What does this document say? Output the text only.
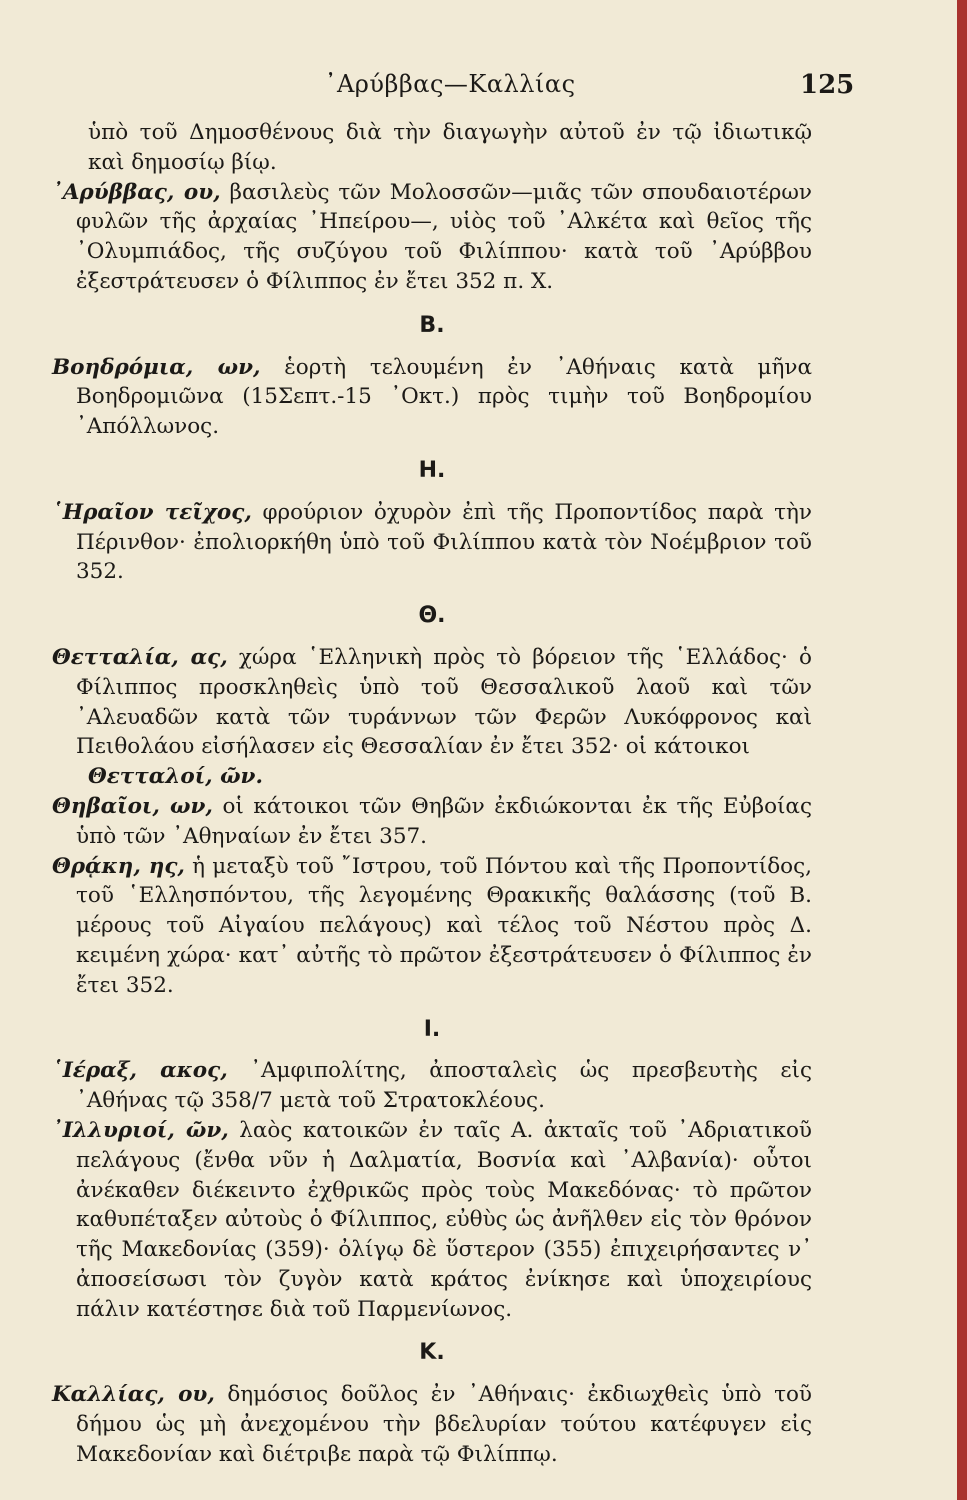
᾿Αρύββας—Καλλίας	125

ὑπὸ τοῦ Δημοσθένους διὰ τὴν διαγωγὴν αὐτοῦ ἐν τῷ ἰδιωτικῷ καὶ δημοσίῳ βίῳ.

᾿Αρύββας, ου, βασιλεὺς τῶν Μολοσσῶν—μιᾶς τῶν σπουδαιοτέρων φυλῶν τῆς ἀρχαίας ᾿Ηπείρου—, υἱὸς τοῦ ᾿Αλκέτα καὶ θεῖος τῆς ᾿Ολυμπιάδος, τῆς συζύγου τοῦ Φιλίππου· κατὰ τοῦ ᾿Αρύββου ἐξεστράτευσεν ὁ Φίλιππος ἐν ἔτει 352 π. Χ.

Β.

Βοηδρόμια, ων, ἑορτὴ τελουμένη ἐν ᾿Αθήναις κατὰ μῆνα Βοηδρομιῶνα (15Σεπτ.-15 ᾿Οκτ.) πρὸς τιμὴν τοῦ Βοηδρομίου ᾿Απόλλωνος.

Η.

῾Ηραῖον τεῖχος, φρούριον ὀχυρὸν ἐπὶ τῆς Προποντίδος παρὰ τὴν Πέρινθον· ἐπολιορκήθη ὑπὸ τοῦ Φιλίππου κατὰ τὸν Νοέμβριον τοῦ 352.

Θ.

Θετταλία, ας, χώρα ῾Ελληνικὴ πρὸς τὸ βόρειον τῆς ῾Ελλάδος· ὁ Φίλιππος προσκληθεὶς ὑπὸ τοῦ Θεσσαλικοῦ λαοῦ καὶ τῶν ᾿Αλευαδῶν κατὰ τῶν τυράννων τῶν Φερῶν Λυκόφρονος καὶ Πειθολάου εἰσήλασεν εἰς Θεσσαλίαν ἐν ἔτει 352· οἱ κάτοικοι

Θετταλοί, ῶν.

Θηβαῖοι, ων, οἱ κάτοικοι τῶν Θηβῶν ἐκδιώκονται ἐκ τῆς Εὐβοίας ὑπὸ τῶν ᾿Αθηναίων ἐν ἔτει 357.

Θρᾴκη, ης, ἡ μεταξὺ τοῦ ῎Ιστρου, τοῦ Πόντου καὶ τῆς Προποντίδος, τοῦ ῾Ελλησπόντου, τῆς λεγομένης Θρακικῆς θαλάσσης (τοῦ Β. μέρους τοῦ Αἰγαίου πελάγους) καὶ τέλος τοῦ Νέστου πρὸς Δ. κειμένη χώρα· κατ᾿ αὐτῆς τὸ πρῶτον ἐξεστράτευσεν ὁ Φίλιππος ἐν ἔτει 352.

Ι.

῾Ιέραξ, ακος, ᾿Αμφιπολίτης, ἀποσταλεὶς ὡς πρεσβευτὴς εἰς ᾿Αθήνας τῷ 358/7 μετὰ τοῦ Στρατοκλέους.

᾿Ιλλυριοί, ῶν, λαὸς κατοικῶν ἐν ταῖς Α. ἀκταῖς τοῦ ᾿Αδριατικοῦ πελάγους (ἔνθα νῦν ἡ Δαλματία, Βοσνία καὶ ᾿Αλβανία)· οὗτοι ἀνέκαθεν διέκειντο ἐχθρικῶς πρὸς τοὺς Μακεδόνας· τὸ πρῶτον καθυπέταξεν αὐτοὺς ὁ Φίλιππος, εὐθὺς ὡς ἀνῆλθεν εἰς τὸν θρόνον τῆς Μακεδονίας (359)· ὀλίγῳ δὲ ὕστερον (355) ἐπιχειρήσαντες ν᾿ ἀποσείσωσι τὸν ζυγὸν κατὰ κράτος ἐνίκησε καὶ ὑποχειρίους πάλιν κατέστησε διὰ τοῦ Παρμενίωνος.

Κ.

Καλλίας, ου, δημόσιος δοῦλος ἐν ᾿Αθήναις· ἐκδιωχθεὶς ὑπὸ τοῦ δήμου ὡς μὴ ἀνεχομένου τὴν βδελυρίαν τούτου κατέφυγεν εἰς Μακεδονίαν καὶ διέτριβε παρὰ τῷ Φιλίππῳ.
